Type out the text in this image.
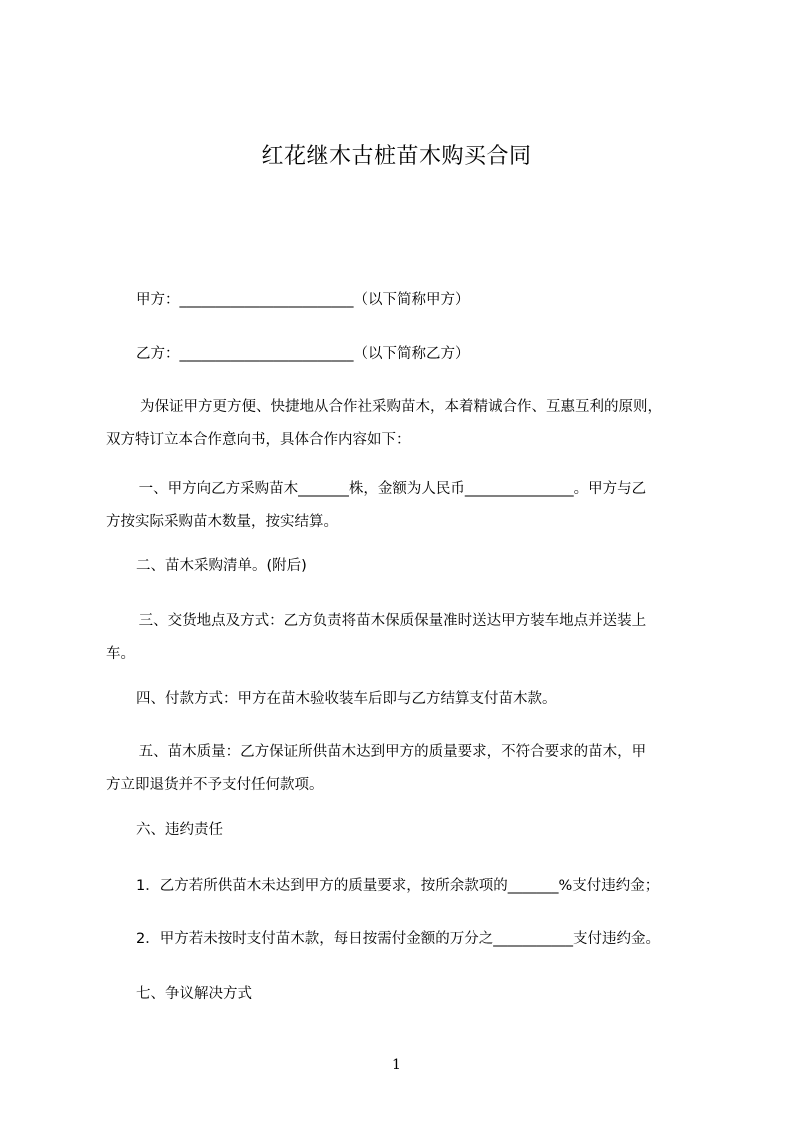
红花继木古桩苗木购买合同
甲方：________________________（以下简称甲方）
乙方：________________________（以下简称乙方）
为保证甲方更方便、快捷地从合作社采购苗木，本着精诚合作、互惠互利的原则，
双方特订立本合作意向书，具体合作内容如下：
一、甲方向乙方采购苗木_______株，金额为人民币_______________。甲方与乙
方按实际采购苗木数量，按实结算。
二、苗木采购清单。(附后)
三、交货地点及方式：乙方负责将苗木保质保量准时送达甲方装车地点并送装上
车。
四、付款方式：甲方在苗木验收装车后即与乙方结算支付苗木款。
五、苗木质量：乙方保证所供苗木达到甲方的质量要求，不符合要求的苗木，甲
方立即退货并不予支付任何款项。
六、违约责任
1．乙方若所供苗木未达到甲方的质量要求，按所余款项的_______%支付违约金；
2．甲方若未按时支付苗木款，每日按需付金额的万分之___________支付违约金。
七、争议解决方式
1
